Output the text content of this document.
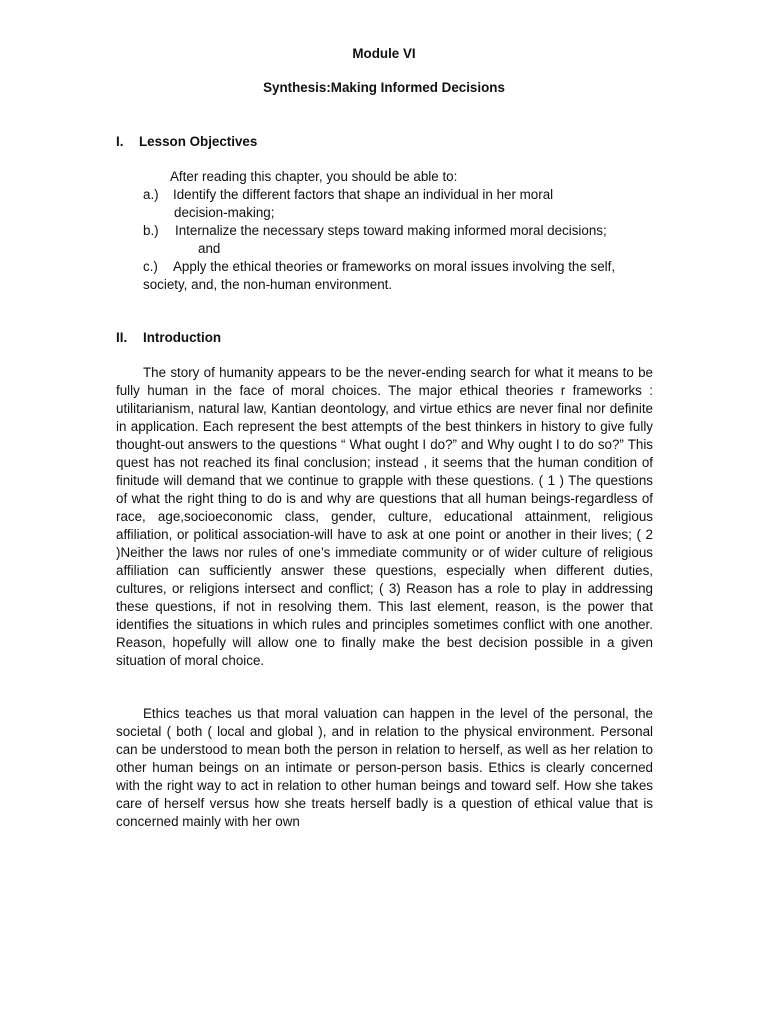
Module VI
Synthesis:Making Informed Decisions
I. Lesson Objectives
After reading this chapter, you should be able to:
a.) Identify the different factors that shape an individual in her moral
decision-making;
b.) Internalize the necessary steps toward making informed moral decisions;
and
c.) Apply the ethical theories or frameworks on moral issues involving the self,
society, and, the non-human environment.
II. Introduction

The story of humanity appears to be the never-ending search for what it means to be fully human in the face of moral choices. The major ethical theories r frameworks : utilitarianism, natural law, Kantian deontology, and virtue ethics are never final nor definite in application. Each represent the best attempts of the best thinkers in history to give fully thought-out answers to the questions “ What ought I do?” and Why ought I to do so?” This quest has not reached its final conclusion; instead , it seems that the human condition of finitude will demand that we continue to grapple with these questions. ( 1 ) The questions of what the right thing to do is and why are questions that all human beings-regardless of race, age,socioeconomic class, gender, culture, educational attainment, religious affiliation, or political association-will have to ask at one point or another in their lives; ( 2 )Neither the laws nor rules of one’s immediate community or of wider culture of religious affiliation can sufficiently answer these questions, especially when different duties, cultures, or religions intersect and conflict; ( 3) Reason has a role to play in addressing these questions, if not in resolving them. This last element, reason, is the power that identifies the situations in which rules and principles sometimes conflict with one another. Reason, hopefully will allow one to finally make the best decision possible in a given situation of moral choice.

Ethics teaches us that moral valuation can happen in the level of the personal, the societal ( both ( local and global ), and in relation to the physical environment. Personal can be understood to mean both the person in relation to herself, as well as her relation to other human beings on an intimate or person-person basis. Ethics is clearly concerned with the right way to act in relation to other human beings and toward self. How she takes care of herself versus how she treats herself badly is a question of ethical value that is concerned mainly with her own
